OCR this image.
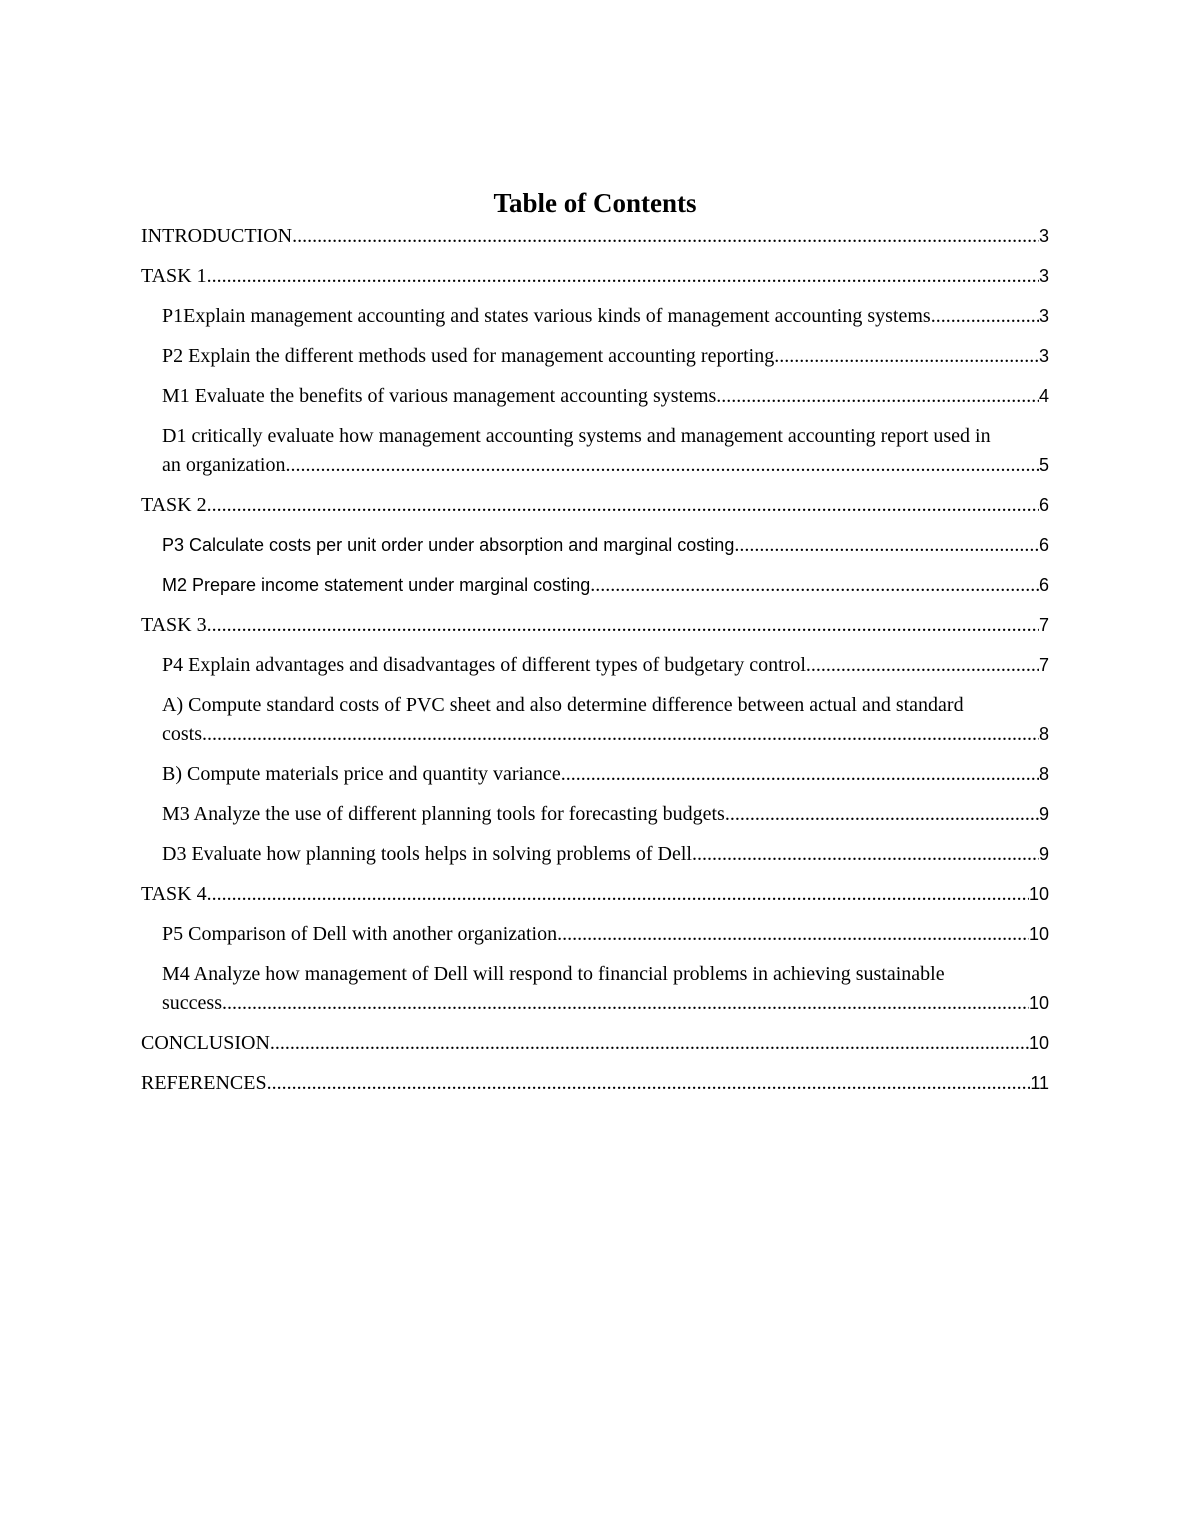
Table of Contents
INTRODUCTION .....	3
TASK 1 .....	3
P1Explain management accounting and states various kinds of management accounting systems .....	3
P2 Explain the different methods used for management accounting reporting .....	3
M1 Evaluate the benefits of various management accounting systems .....	4
D1 critically evaluate how management accounting systems and management accounting report used in
an organization .....	5
TASK 2 .....	6
P3 Calculate costs per unit order under absorption and marginal costing .....	6
M2 Prepare income statement under marginal costing .....	6
TASK 3 .....	7
P4 Explain advantages and disadvantages of different types of budgetary control .....	7
A) Compute standard costs of PVC sheet and also determine difference between actual and standard
costs .....	8
B) Compute materials price and quantity variance .....	8
M3 Analyze the use of different planning tools for forecasting budgets .....	9
D3 Evaluate how planning tools helps in solving problems of Dell .....	9
TASK 4 .....	10
P5 Comparison of Dell with another organization .....	10
M4 Analyze how management of Dell will respond to financial problems in achieving sustainable
success .....	10
CONCLUSION .....	10
REFERENCES .....	11
